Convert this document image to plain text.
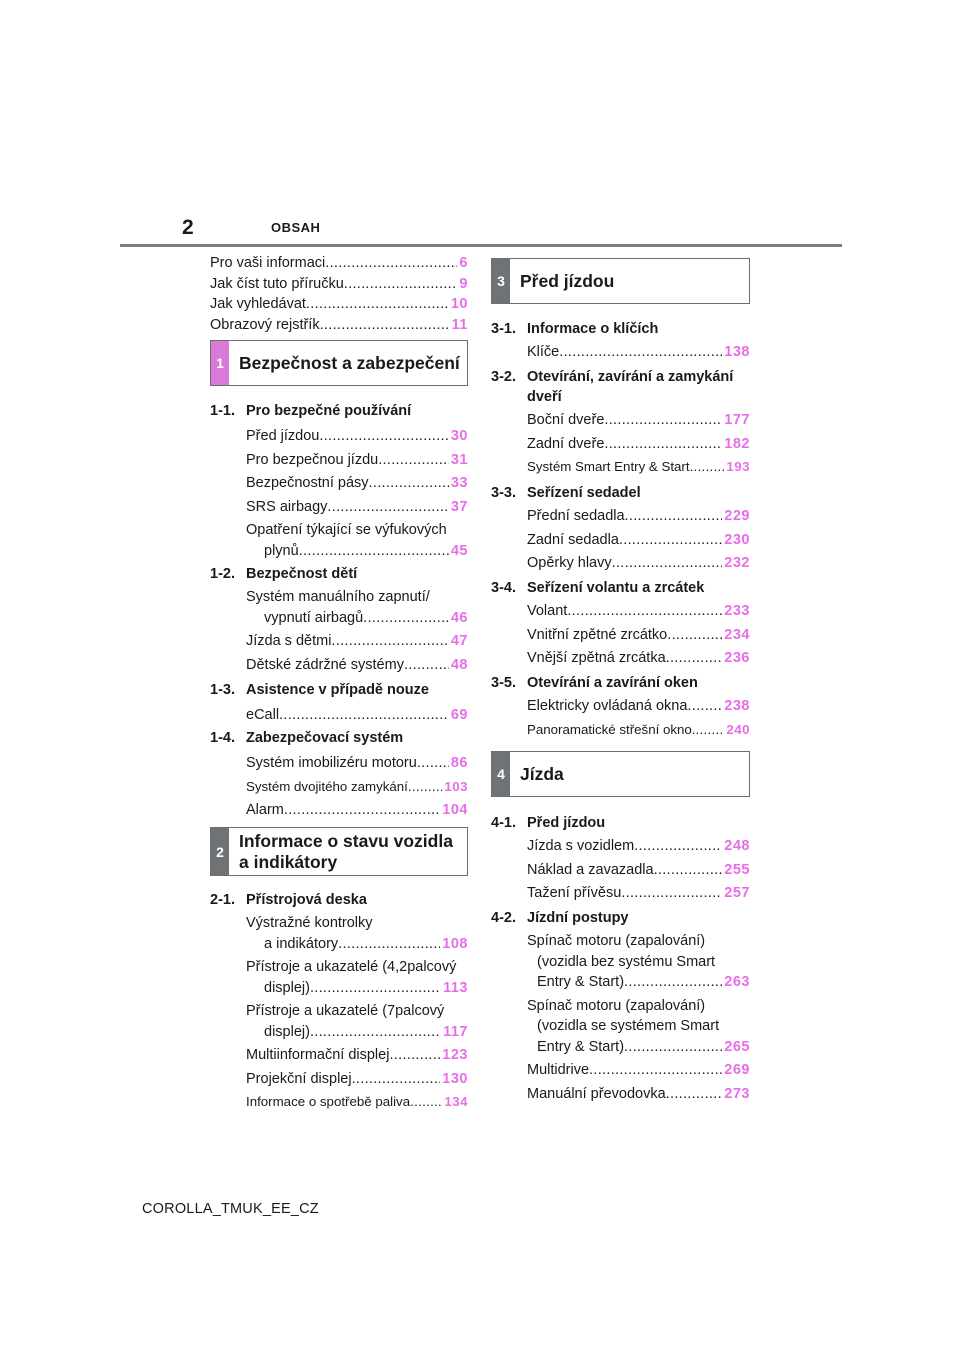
2	OBSAH
Pro vaši informaci .....	6
Jak číst tuto příručku .....	9
Jak vyhledávat .....	10
Obrazový rejstřík .....	11
1 Bezpečnost a zabezpečení
1-1. Pro bezpečné používání
Před jízdou .....	30
Pro bezpečnou jízdu .....	31
Bezpečnostní pásy .....	33
SRS airbagy .....	37
Opatření týkající se výfukových
plynů .....	45
1-2. Bezpečnost dětí
Systém manuálního zapnutí/
vypnutí airbagů .....	46
Jízda s dětmi .....	47
Dětské zádržné systémy .....	48
1-3. Asistence v případě nouze
eCall .....	69
1-4. Zabezpečovací systém
Systém imobilizéru motoru ..... 86
Systém dvojitého zamykání .....	103
Alarm .....	104
2
Informace o stavu vozidla
a indikátory
2-1. Přístrojová deska
Výstražné kontrolky
a indikátory .....	108
Přístroje a ukazatelé (4,2palcový
displej) .....	113
Přístroje a ukazatelé (7palcový
displej) .....	117
Multiinformační displej .....	123
Projekční displej .....	130
Informace o spotřebě paliva .....	134
3 Před jízdou
3-1. Informace o klíčích
Klíče .....	138
3-2. Otevírání, zavírání a zamykání
dveří
Boční dveře .....	177
Zadní dveře .....	182
Systém Smart Entry & Start .....	193
3-3. Seřízení sedadel
Přední sedadla .....	229
Zadní sedadla .....	230
Opěrky hlavy .....	232
3-4. Seřízení volantu a zrcátek
Volant .....	233
Vnitřní zpětné zrcátko .....	234
Vnější zpětná zrcátka .....	236
3-5. Otevírání a zavírání oken
Elektricky ovládaná okna .....	238
Panoramatické střešní okno. ..... 240
4 Jízda
4-1. Před jízdou
Jízda s vozidlem .....	248
Náklad a zavazadla .....	255
Tažení přívěsu .....	257
4-2. Jízdní postupy
Spínač motoru (zapalování)
(vozidla bez systému Smart
Entry & Start) .....	263
Spínač motoru (zapalování)
(vozidla se systémem Smart
Entry & Start) .....	265
Multidrive .....	269
Manuální převodovka .....	273
COROLLA_TMUK_EE_CZ
